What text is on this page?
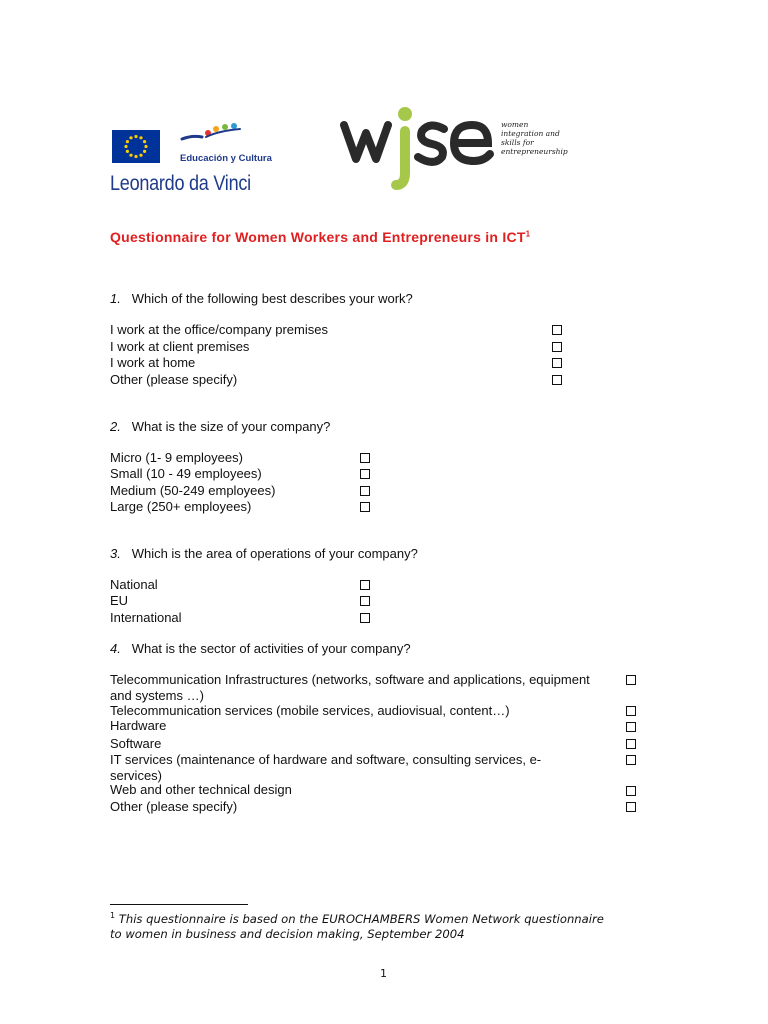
Educación y Cultura
Leonardo da Vinci
women
integration and
skills for
entrepreneurship
Questionnaire for Women Workers and Entrepreneurs in ICT$^1$
1. Which of the following best describes your work?
I work at the office/company premises
I work at client premises
I work at home
Other (please specify)
2. What is the size of your company?
Micro (1- 9 employees)
Small (10 - 49 employees)
Medium (50-249 employees)
Large (250+ employees)
3. Which is the area of operations of your company?
National
EU
International
4. What is the sector of activities of your company?
Telecommunication Infrastructures (networks, software and applications, equipment and systems …)
Telecommunication services (mobile services, audiovisual, content…)
Hardware
Software
IT services (maintenance of hardware and software, consulting services, e-services)
Web and other technical design
Other (please specify)
$^1$ This questionnaire is based on the EUROCHAMBERS Women Network questionnaire to women in business and decision making, September 2004
1
